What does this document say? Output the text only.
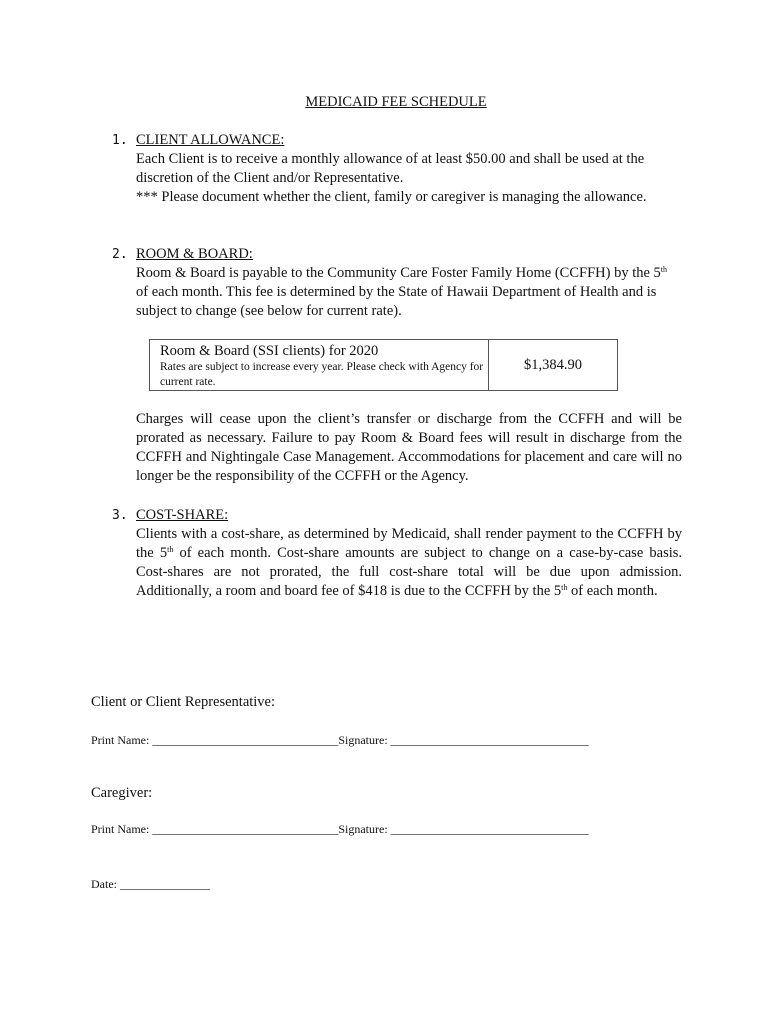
MEDICAID FEE SCHEDULE
1. CLIENT ALLOWANCE:

Each Client is to receive a monthly allowance of at least $50.00 and shall be used at the discretion of the Client and/or Representative.

*** Please document whether the client, family or caregiver is managing the allowance.

2. ROOM & BOARD:

Room & Board is payable to the Community Care Foster Family Home (CCFFH) by the 5th of each month. This fee is determined by the State of Hawaii Department of Health and is subject to change (see below for current rate).

Room & Board (SSI clients) for 2020
Rates are subject to increase every year. Please check with Agency for current rate.
$1,384.90
Charges will cease upon the client’s transfer or discharge from the CCFFH and will be prorated as necessary. Failure to pay Room & Board fees will result in discharge from the CCFFH and Nightingale Case Management. Accommodations for placement and care will no longer be the responsibility of the CCFFH or the Agency.
3. COST-SHARE:

Clients with a cost-share, as determined by Medicaid, shall render payment to the CCFFH by the 5th of each month. Cost-share amounts are subject to change on a case-by-case basis. Cost-shares are not prorated, the full cost-share total will be due upon admission. Additionally, a room and board fee of $418 is due to the CCFFH by the 5th of each month.

Client or Client Representative:
Print Name: _______________________________Signature: _________________________________
Caregiver:
Print Name: _______________________________Signature: _________________________________
Date: _______________
